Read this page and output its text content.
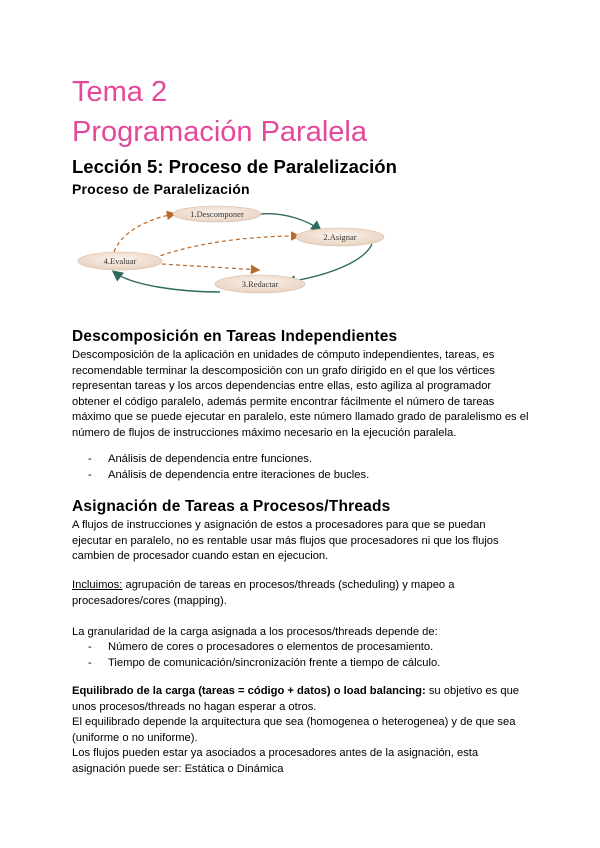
Tema 2
Programación Paralela
Lección 5: Proceso de Paralelización
Proceso de Paralelización
1.Descomponer
2.Asignar
3.Redactar
4.Evaluar
Descomposición en Tareas Independientes
Descomposición de la aplicación en unidades de cómputo independientes, tareas, es
recomendable terminar la descomposición con un grafo dirigido en el que los vértices
representan tareas y los arcos dependencias entre ellas, esto agiliza al programador
obtener el código paralelo, además permite encontrar fácilmente el número de tareas
máximo que se puede ejecutar en paralelo, este número llamado grado de paralelismo es el
número de flujos de instrucciones máximo necesario en la ejecución paralela.
- Análisis de dependencia entre funciones.
- Análisis de dependencia entre iteraciones de bucles.
Asignación de Tareas a Procesos/Threads
A flujos de instrucciones y asignación de estos a procesadores para que se puedan
ejecutar en paralelo, no es rentable usar más flujos que procesadores ni que los flujos
cambien de procesador cuando estan en ejecucion.
Incluimos: agrupación de tareas en procesos/threads (scheduling) y mapeo a
procesadores/cores (mapping).
La granularidad de la carga asignada a los procesos/threads depende de:
- Número de cores o procesadores o elementos de procesamiento.
- Tiempo de comunicación/sincronización frente a tiempo de cálculo.
Equilibrado de la carga (tareas = código + datos) o load balancing: su objetivo es que
unos procesos/threads no hagan esperar a otros.
El equilibrado depende la arquitectura que sea (homogenea o heterogenea) y de que sea
(uniforme o no uniforme).
Los flujos pueden estar ya asociados a procesadores antes de la asignación, esta
asignación puede ser: Estática o Dinámica
